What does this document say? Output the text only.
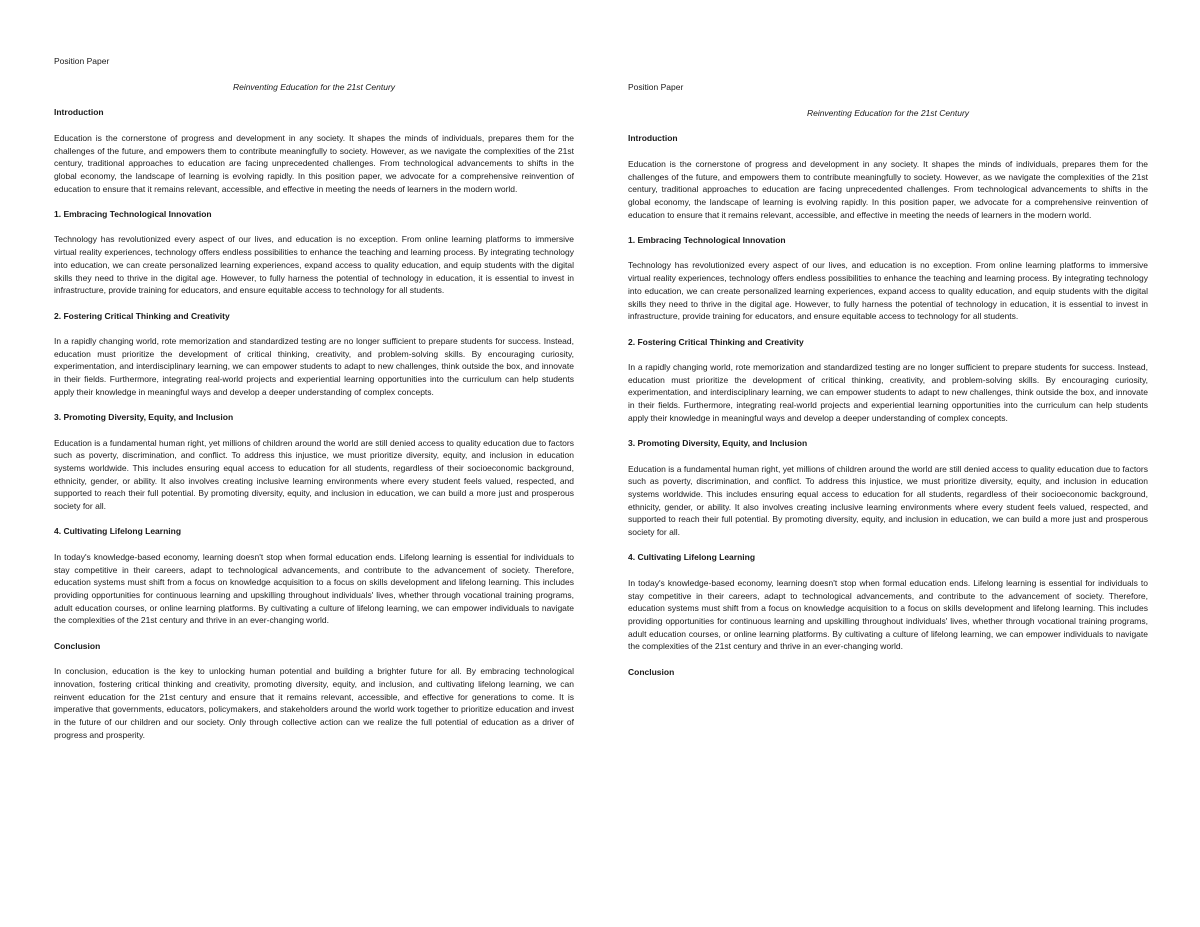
Position Paper
Reinventing Education for the 21st Century
Introduction
Education is the cornerstone of progress and development in any society. It shapes the minds of individuals, prepares them for the challenges of the future, and empowers them to contribute meaningfully to society. However, as we navigate the complexities of the 21st century, traditional approaches to education are facing unprecedented challenges. From technological advancements to shifts in the global economy, the landscape of learning is evolving rapidly. In this position paper, we advocate for a comprehensive reinvention of education to ensure that it remains relevant, accessible, and effective in meeting the needs of learners in the modern world.
1. Embracing Technological Innovation
Technology has revolutionized every aspect of our lives, and education is no exception. From online learning platforms to immersive virtual reality experiences, technology offers endless possibilities to enhance the teaching and learning process. By integrating technology into education, we can create personalized learning experiences, expand access to quality education, and equip students with the digital skills they need to thrive in the digital age. However, to fully harness the potential of technology in education, it is essential to invest in infrastructure, provide training for educators, and ensure equitable access to technology for all students.
2. Fostering Critical Thinking and Creativity
In a rapidly changing world, rote memorization and standardized testing are no longer sufficient to prepare students for success. Instead, education must prioritize the development of critical thinking, creativity, and problem-solving skills. By encouraging curiosity, experimentation, and interdisciplinary learning, we can empower students to adapt to new challenges, think outside the box, and innovate in their fields. Furthermore, integrating real-world projects and experiential learning opportunities into the curriculum can help students apply their knowledge in meaningful ways and develop a deeper understanding of complex concepts.
3. Promoting Diversity, Equity, and Inclusion
Education is a fundamental human right, yet millions of children around the world are still denied access to quality education due to factors such as poverty, discrimination, and conflict. To address this injustice, we must prioritize diversity, equity, and inclusion in education systems worldwide. This includes ensuring equal access to education for all students, regardless of their socioeconomic background, ethnicity, gender, or ability. It also involves creating inclusive learning environments where every student feels valued, respected, and supported to reach their full potential. By promoting diversity, equity, and inclusion in education, we can build a more just and prosperous society for all.
4. Cultivating Lifelong Learning
In today's knowledge-based economy, learning doesn't stop when formal education ends. Lifelong learning is essential for individuals to stay competitive in their careers, adapt to technological advancements, and contribute to the advancement of society. Therefore, education systems must shift from a focus on knowledge acquisition to a focus on skills development and lifelong learning. This includes providing opportunities for continuous learning and upskilling throughout individuals' lives, whether through vocational training programs, adult education courses, or online learning platforms. By cultivating a culture of lifelong learning, we can empower individuals to navigate the complexities of the 21st century and thrive in an ever-changing world.
Conclusion
In conclusion, education is the key to unlocking human potential and building a brighter future for all. By embracing technological innovation, fostering critical thinking and creativity, promoting diversity, equity, and inclusion, and cultivating lifelong learning, we can reinvent education for the 21st century and ensure that it remains relevant, accessible, and effective for generations to come. It is imperative that governments, educators, policymakers, and stakeholders around the world work together to prioritize education and invest in the future of our children and our society. Only through collective action can we realize the full potential of education as a driver of progress and prosperity.
Position Paper
Reinventing Education for the 21st Century
Introduction
Education is the cornerstone of progress and development in any society. It shapes the minds of individuals, prepares them for the challenges of the future, and empowers them to contribute meaningfully to society. However, as we navigate the complexities of the 21st century, traditional approaches to education are facing unprecedented challenges. From technological advancements to shifts in the global economy, the landscape of learning is evolving rapidly. In this position paper, we advocate for a comprehensive reinvention of education to ensure that it remains relevant, accessible, and effective in meeting the needs of learners in the modern world.
1. Embracing Technological Innovation
Technology has revolutionized every aspect of our lives, and education is no exception. From online learning platforms to immersive virtual reality experiences, technology offers endless possibilities to enhance the teaching and learning process. By integrating technology into education, we can create personalized learning experiences, expand access to quality education, and equip students with the digital skills they need to thrive in the digital age. However, to fully harness the potential of technology in education, it is essential to invest in infrastructure, provide training for educators, and ensure equitable access to technology for all students.
2. Fostering Critical Thinking and Creativity
In a rapidly changing world, rote memorization and standardized testing are no longer sufficient to prepare students for success. Instead, education must prioritize the development of critical thinking, creativity, and problem-solving skills. By encouraging curiosity, experimentation, and interdisciplinary learning, we can empower students to adapt to new challenges, think outside the box, and innovate in their fields. Furthermore, integrating real-world projects and experiential learning opportunities into the curriculum can help students apply their knowledge in meaningful ways and develop a deeper understanding of complex concepts.
3. Promoting Diversity, Equity, and Inclusion
Education is a fundamental human right, yet millions of children around the world are still denied access to quality education due to factors such as poverty, discrimination, and conflict. To address this injustice, we must prioritize diversity, equity, and inclusion in education systems worldwide. This includes ensuring equal access to education for all students, regardless of their socioeconomic background, ethnicity, gender, or ability. It also involves creating inclusive learning environments where every student feels valued, respected, and supported to reach their full potential. By promoting diversity, equity, and inclusion in education, we can build a more just and prosperous society for all.
4. Cultivating Lifelong Learning
In today's knowledge-based economy, learning doesn't stop when formal education ends. Lifelong learning is essential for individuals to stay competitive in their careers, adapt to technological advancements, and contribute to the advancement of society. Therefore, education systems must shift from a focus on knowledge acquisition to a focus on skills development and lifelong learning. This includes providing opportunities for continuous learning and upskilling throughout individuals' lives, whether through vocational training programs, adult education courses, or online learning platforms. By cultivating a culture of lifelong learning, we can empower individuals to navigate the complexities of the 21st century and thrive in an ever-changing world.
Conclusion
